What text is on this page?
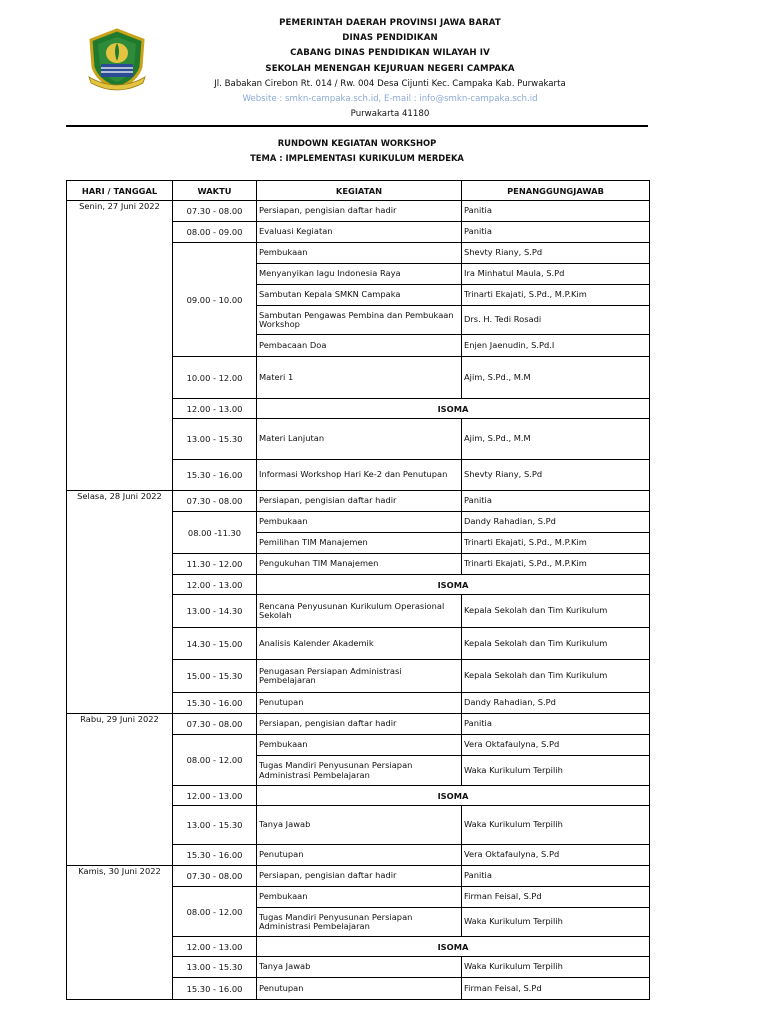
PEMERINTAH DAERAH PROVINSI JAWA BARAT
DINAS PENDIDIKAN
CABANG DINAS PENDIDIKAN WILAYAH IV
SEKOLAH MENENGAH KEJURUAN NEGERI CAMPAKA
Jl. Babakan Cirebon Rt. 014 / Rw. 004 Desa Cijunti Kec. Campaka Kab. Purwakarta
Website : smkn-campaka.sch.id, E-mail : info@smkn-campaka.sch.id
Purwakarta 41180
RUNDOWN KEGIATAN WORKSHOP
TEMA : IMPLEMENTASI KURIKULUM MERDEKA
HARI / TANGGAL	WAKTU	KEGIATAN	PENANGGUNGJAWAB
Senin, 27 Juni 2022	07.30 - 08.00	Persiapan, pengisian daftar hadir	Panitia
	08.00 - 09.00	Evaluasi Kegiatan	Panitia
	09.00 - 10.00	Pembukaan	Shevty Riany, S.Pd
		Menyanyikan lagu Indonesia Raya	Ira Minhatul Maula, S.Pd
		Sambutan Kepala SMKN Campaka	Trinarti Ekajati, S.Pd., M.P.Kim
		Sambutan Pengawas Pembina dan Pembukaan Workshop	Drs. H. Tedi Rosadi
		Pembacaan Doa	Enjen Jaenudin, S.Pd.I
	10.00 - 12.00	Materi 1	Ajim, S.Pd., M.M
	12.00 - 13.00	ISOMA	
	13.00 - 15.30	Materi Lanjutan	Ajim, S.Pd., M.M
	15.30 - 16.00	Informasi Workshop Hari Ke-2 dan Penutupan	Shevty Riany, S.Pd
Selasa, 28 Juni 2022	07.30 - 08.00	Persiapan, pengisian daftar hadir	Panitia
	08.00 -11.30	Pembukaan	Dandy Rahadian, S.Pd
		Pemilihan TIM Manajemen	Trinarti Ekajati, S.Pd., M.P.Kim
	11.30 - 12.00	Pengukuhan TIM Manajemen	Trinarti Ekajati, S.Pd., M.P.Kim
	12.00 - 13.00	ISOMA	
	13.00 - 14.30	Rencana Penyusunan Kurikulum Operasional Sekolah	Kepala Sekolah dan Tim Kurikulum
	14.30 - 15.00	Analisis Kalender Akademik	Kepala Sekolah dan Tim Kurikulum
	15.00 - 15.30	Penugasan Persiapan Administrasi Pembelajaran	Kepala Sekolah dan Tim Kurikulum
	15.30 - 16.00	Penutupan	Dandy Rahadian, S.Pd
Rabu, 29 Juni 2022	07.30 - 08.00	Persiapan, pengisian daftar hadir	Panitia
	08.00 - 12.00	Pembukaan	Vera Oktafaulyna, S.Pd
		Tugas Mandiri Penyusunan Persiapan Administrasi Pembelajaran	Waka Kurikulum Terpilih
	12.00 - 13.00	ISOMA	
	13.00 - 15.30	Tanya Jawab	Waka Kurikulum Terpilih
	15.30 - 16.00	Penutupan	Vera Oktafaulyna, S.Pd
Kamis, 30 Juni 2022	07.30 - 08.00	Persiapan, pengisian daftar hadir	Panitia
	08.00 - 12.00	Pembukaan	Firman Feisal, S.Pd
		Tugas Mandiri Penyusunan Persiapan Administrasi Pembelajaran	Waka Kurikulum Terpilih
	12.00 - 13.00	ISOMA	
	13.00 - 15.30	Tanya Jawab	Waka Kurikulum Terpilih
	15.30 - 16.00	Penutupan	Firman Feisal, S.Pd
